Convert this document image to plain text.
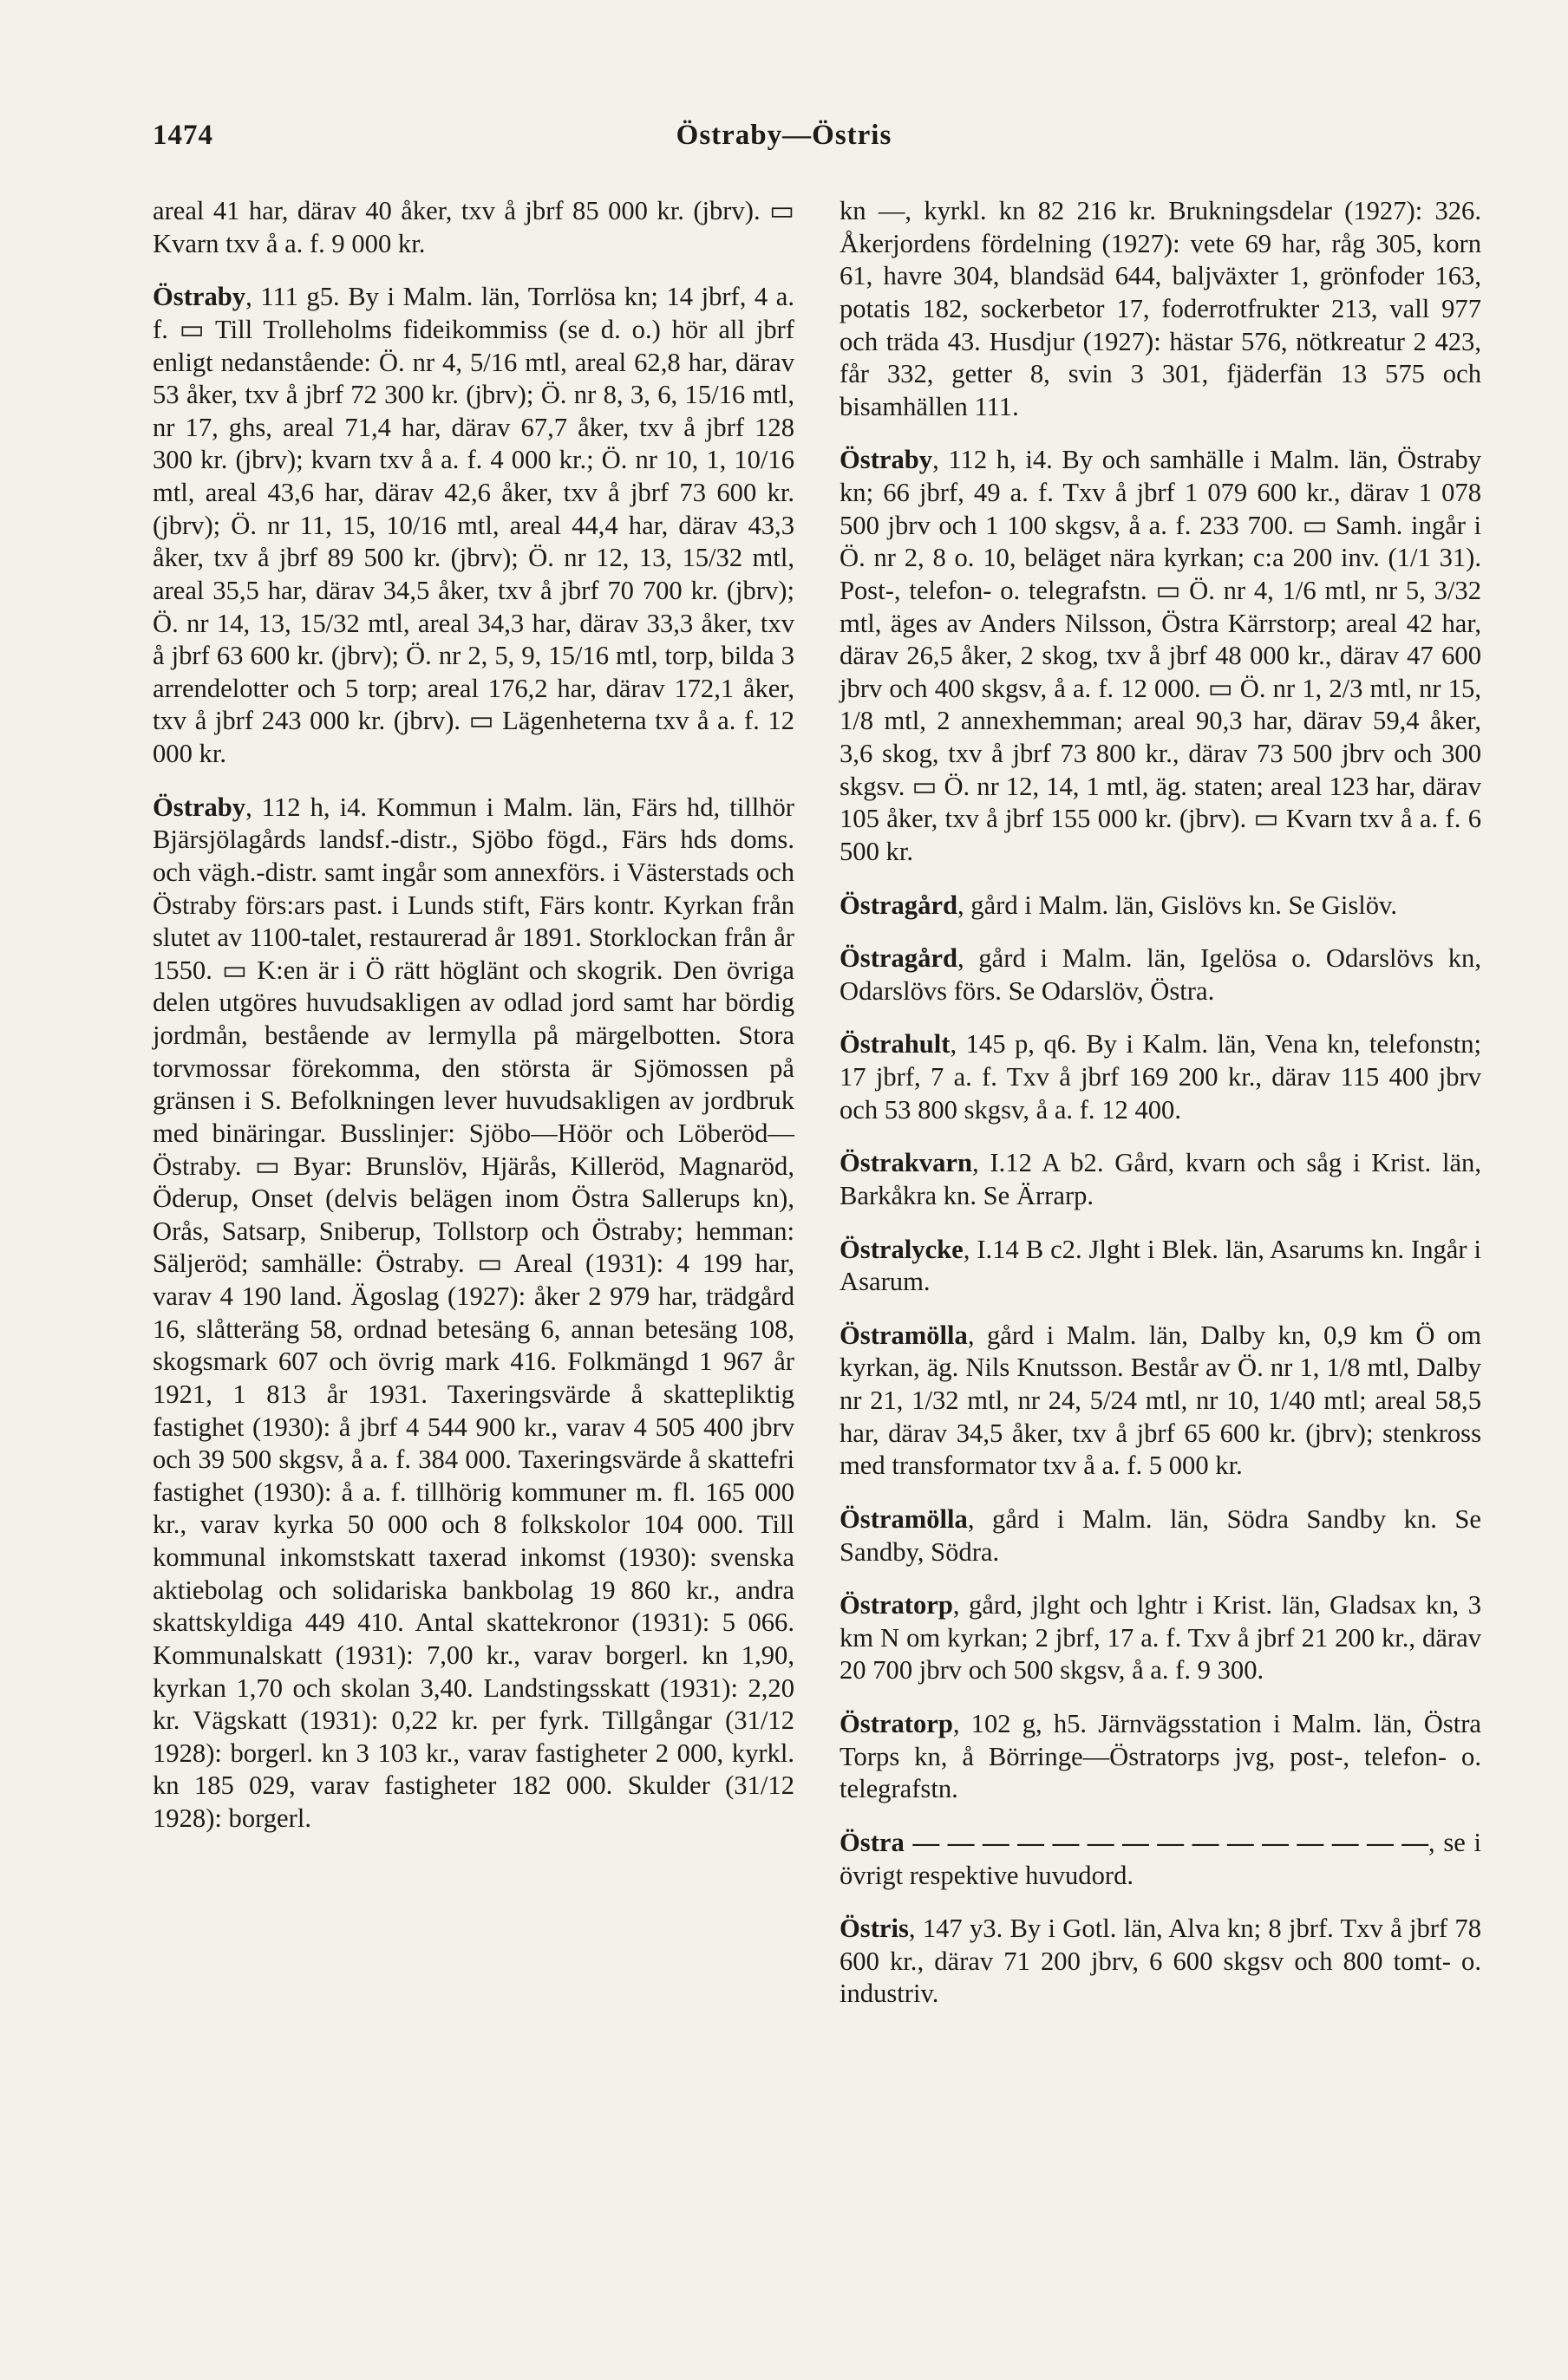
1474	Östraby—Östris

areal 41 har, därav 40 åker, txv å jbrf 85 000 kr. (jbrv). ▭ Kvarn txv å a. f. 9 000 kr.

Östraby, 111 g5. By i Malm. län, Torrlösa kn; 14 jbrf, 4 a. f. ▭ Till Trolleholms fideikommiss (se d. o.) hör all jbrf enligt nedanstående: Ö. nr 4, 5/16 mtl, areal 62,8 har, därav 53 åker, txv å jbrf 72 300 kr. (jbrv); Ö. nr 8, 3, 6, 15/16 mtl, nr 17, ghs, areal 71,4 har, därav 67,7 åker, txv å jbrf 128 300 kr. (jbrv); kvarn txv å a. f. 4 000 kr.; Ö. nr 10, 1, 10/16 mtl, areal 43,6 har, därav 42,6 åker, txv å jbrf 73 600 kr. (jbrv); Ö. nr 11, 15, 10/16 mtl, areal 44,4 har, därav 43,3 åker, txv å jbrf 89 500 kr. (jbrv); Ö. nr 12, 13, 15/32 mtl, areal 35,5 har, därav 34,5 åker, txv å jbrf 70 700 kr. (jbrv); Ö. nr 14, 13, 15/32 mtl, areal 34,3 har, därav 33,3 åker, txv å jbrf 63 600 kr. (jbrv); Ö. nr 2, 5, 9, 15/16 mtl, torp, bilda 3 arrendelotter och 5 torp; areal 176,2 har, därav 172,1 åker, txv å jbrf 243 000 kr. (jbrv). ▭ Lägenheterna txv å a. f. 12 000 kr.

Östraby, 112 h, i4. Kommun i Malm. län, Färs hd, tillhör Bjärsjölagårds landsf.-distr., Sjöbo fögd., Färs hds doms. och vägh.-distr. samt ingår som annexförs. i Västerstads och Östraby förs:ars past. i Lunds stift, Färs kontr. Kyrkan från slutet av 1100-talet, restaurerad år 1891. Storklockan från år 1550. ▭ K:en är i Ö rätt höglänt och skogrik. Den övriga delen utgöres huvudsakligen av odlad jord samt har bördig jordmån, bestående av lermylla på märgelbotten. Stora torvmossar förekomma, den största är Sjömossen på gränsen i S. Befolkningen lever huvudsakligen av jordbruk med binäringar. Busslinjer: Sjöbo—Höör och Löberöd—Östraby. ▭ Byar: Brunslöv, Hjärås, Killeröd, Magnaröd, Öderup, Onset (delvis belägen inom Östra Sallerups kn), Orås, Satsarp, Sniberup, Tollstorp och Östraby; hemman: Säljeröd; samhälle: Östraby. ▭ Areal (1931): 4 199 har, varav 4 190 land. Ägoslag (1927): åker 2 979 har, trädgård 16, slåtteräng 58, ordnad betesäng 6, annan betesäng 108, skogsmark 607 och övrig mark 416. Folkmängd 1 967 år 1921, 1 813 år 1931. Taxeringsvärde å skattepliktig fastighet (1930): å jbrf 4 544 900 kr., varav 4 505 400 jbrv och 39 500 skgsv, å a. f. 384 000. Taxeringsvärde å skattefri fastighet (1930): å a. f. tillhörig kommuner m. fl. 165 000 kr., varav kyrka 50 000 och 8 folkskolor 104 000. Till kommunal inkomstskatt taxerad inkomst (1930): svenska aktiebolag och solidariska bankbolag 19 860 kr., andra skattskyldiga 449 410. Antal skattekronor (1931): 5 066. Kommunalskatt (1931): 7,00 kr., varav borgerl. kn 1,90, kyrkan 1,70 och skolan 3,40. Landstingsskatt (1931): 2,20 kr. Vägskatt (1931): 0,22 kr. per fyrk. Tillgångar (31/12 1928): borgerl. kn 3 103 kr., varav fastigheter 2 000, kyrkl. kn 185 029, varav fastigheter 182 000. Skulder (31/12 1928): borgerl.

kn —, kyrkl. kn 82 216 kr. Brukningsdelar (1927): 326. Åkerjordens fördelning (1927): vete 69 har, råg 305, korn 61, havre 304, blandsäd 644, baljväxter 1, grönfoder 163, potatis 182, sockerbetor 17, foderrotfrukter 213, vall 977 och träda 43. Husdjur (1927): hästar 576, nötkreatur 2 423, får 332, getter 8, svin 3 301, fjäderfän 13 575 och bisamhällen 111.

Östraby, 112 h, i4. By och samhälle i Malm. län, Östraby kn; 66 jbrf, 49 a. f. Txv å jbrf 1 079 600 kr., därav 1 078 500 jbrv och 1 100 skgsv, å a. f. 233 700. ▭ Samh. ingår i Ö. nr 2, 8 o. 10, beläget nära kyrkan; c:a 200 inv. (1/1 31). Post-, telefon- o. telegrafstn. ▭ Ö. nr 4, 1/6 mtl, nr 5, 3/32 mtl, äges av Anders Nilsson, Östra Kärrstorp; areal 42 har, därav 26,5 åker, 2 skog, txv å jbrf 48 000 kr., därav 47 600 jbrv och 400 skgsv, å a. f. 12 000. ▭ Ö. nr 1, 2/3 mtl, nr 15, 1/8 mtl, 2 annexhemman; areal 90,3 har, därav 59,4 åker, 3,6 skog, txv å jbrf 73 800 kr., därav 73 500 jbrv och 300 skgsv. ▭ Ö. nr 12, 14, 1 mtl, äg. staten; areal 123 har, därav 105 åker, txv å jbrf 155 000 kr. (jbrv). ▭ Kvarn txv å a. f. 6 500 kr.

Östragård, gård i Malm. län, Gislövs kn. Se Gislöv.

Östragård, gård i Malm. län, Igelösa o. Odarslövs kn, Odarslövs förs. Se Odarslöv, Östra.

Östrahult, 145 p, q6. By i Kalm. län, Vena kn, telefonstn; 17 jbrf, 7 a. f. Txv å jbrf 169 200 kr., därav 115 400 jbrv och 53 800 skgsv, å a. f. 12 400.

Östrakvarn, I.12 A b2. Gård, kvarn och såg i Krist. län, Barkåkra kn. Se Ärrarp.

Östralycke, I.14 B c2. Jlght i Blek. län, Asarums kn. Ingår i Asarum.

Östramölla, gård i Malm. län, Dalby kn, 0,9 km Ö om kyrkan, äg. Nils Knutsson. Består av Ö. nr 1, 1/8 mtl, Dalby nr 21, 1/32 mtl, nr 24, 5/24 mtl, nr 10, 1/40 mtl; areal 58,5 har, därav 34,5 åker, txv å jbrf 65 600 kr. (jbrv); stenkross med transformator txv å a. f. 5 000 kr.

Östramölla, gård i Malm. län, Södra Sandby kn. Se Sandby, Södra.

Östratorp, gård, jlght och lghtr i Krist. län, Gladsax kn, 3 km N om kyrkan; 2 jbrf, 17 a. f. Txv å jbrf 21 200 kr., därav 20 700 jbrv och 500 skgsv, å a. f. 9 300.

Östratorp, 102 g, h5. Järnvägsstation i Malm. län, Östra Torps kn, å Börringe—Östratorps jvg, post-, telefon- o. telegrafstn.

Östra — — — — — — — — — — — — — — —, se i övrigt respektive huvudord.

Östris, 147 y3. By i Gotl. län, Alva kn; 8 jbrf. Txv å jbrf 78 600 kr., därav 71 200 jbrv, 6 600 skgsv och 800 tomt- o. industriv.
